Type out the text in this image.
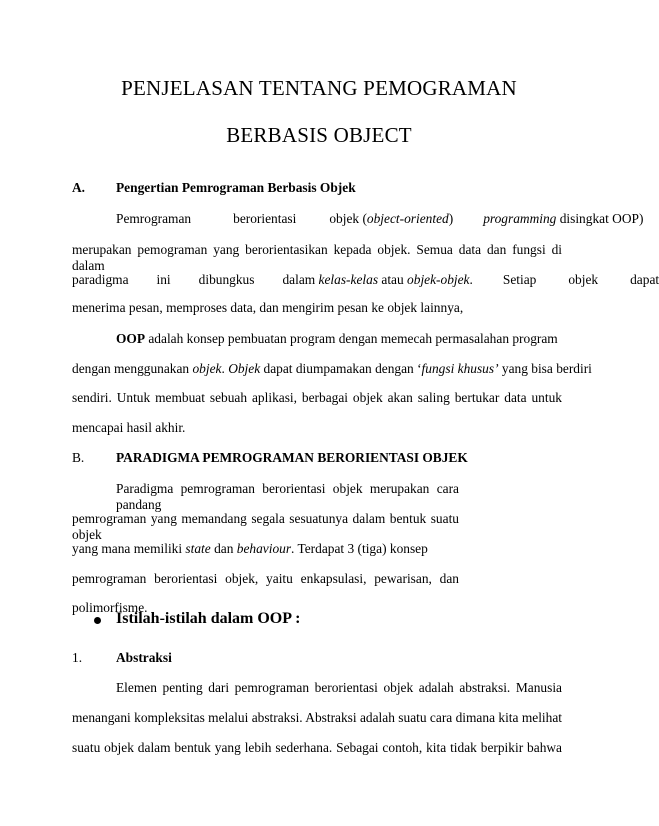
PENJELASAN TENTANG PEMOGRAMAN
BERBASIS OBJECT
A. Pengertian Pemrograman Berbasis Objek
Pemrograman	berorientasi objek (object-oriented) programming disingkat OOP)
merupakan pemograman yang berorientasikan kepada objek. Semua data dan fungsi di dalam
paradigma ini dibungkus dalam kelas-kelas atau objek-objek. Setiap objek dapat
menerima pesan, memproses data, dan mengirim pesan ke objek lainnya,
OOP adalah konsep pembuatan program dengan memecah permasalahan program
dengan menggunakan objek. Objek dapat diumpamakan dengan ‘fungsi khusus’ yang bisa berdiri
sendiri. Untuk membuat sebuah aplikasi, berbagai objek akan saling bertukar data untuk
mencapai hasil akhir.
B. PARADIGMA PEMROGRAMAN BERORIENTASI OBJEK
Paradigma pemrograman berorientasi objek merupakan cara pandang
pemrograman yang memandang segala sesuatunya dalam bentuk suatu objek
yang mana memiliki state dan behaviour. Terdapat 3 (tiga) konsep
pemrograman berorientasi objek, yaitu enkapsulasi, pewarisan, dan
polimorfisme.
Istilah-istilah dalam OOP :
1.	Abstraksi
Elemen penting dari pemrograman berorientasi objek adalah abstraksi. Manusia
menangani kompleksitas melalui abstraksi. Abstraksi adalah suatu cara dimana kita melihat
suatu objek dalam bentuk yang lebih sederhana. Sebagai contoh, kita tidak berpikir bahwa
